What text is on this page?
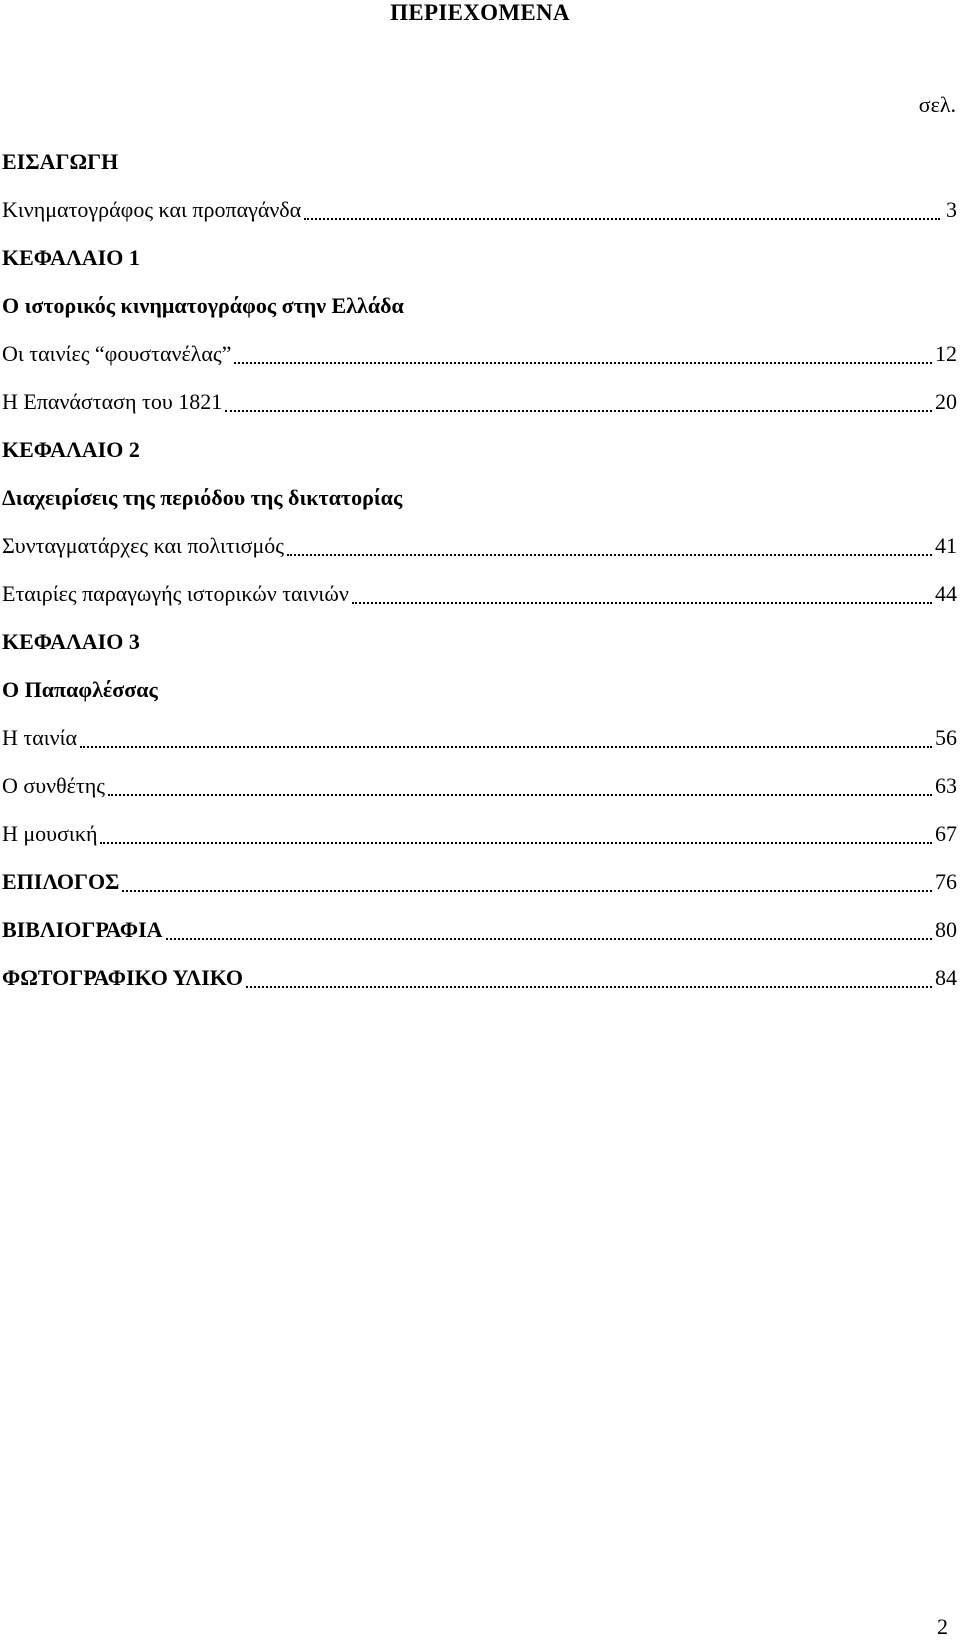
ΠΕΡΙΕΧΟΜΕΝΑ
σελ.
ΕΙΣΑΓΩΓΗ
Κινηματογράφος και προπαγάνδα	3
ΚΕΦΑΛΑΙΟ 1
Ο ιστορικός κινηματογράφος στην Ελλάδα
Οι ταινίες “φουστανέλας”	12
Η Επανάσταση του 1821	20
ΚΕΦΑΛΑΙΟ 2
Διαχειρίσεις της περιόδου της δικτατορίας
Συνταγματάρχες και πολιτισμός	41
Εταιρίες παραγωγής ιστορικών ταινιών	44
ΚΕΦΑΛΑΙΟ 3
Ο Παπαφλέσσας
Η ταινία	56
Ο συνθέτης	63
Η μουσική	67
ΕΠΙΛΟΓΟΣ	76
ΒΙΒΛΙΟΓΡΑΦΙΑ	80
ΦΩΤΟΓΡΑΦΙΚΟ ΥΛΙΚΟ	84
2
